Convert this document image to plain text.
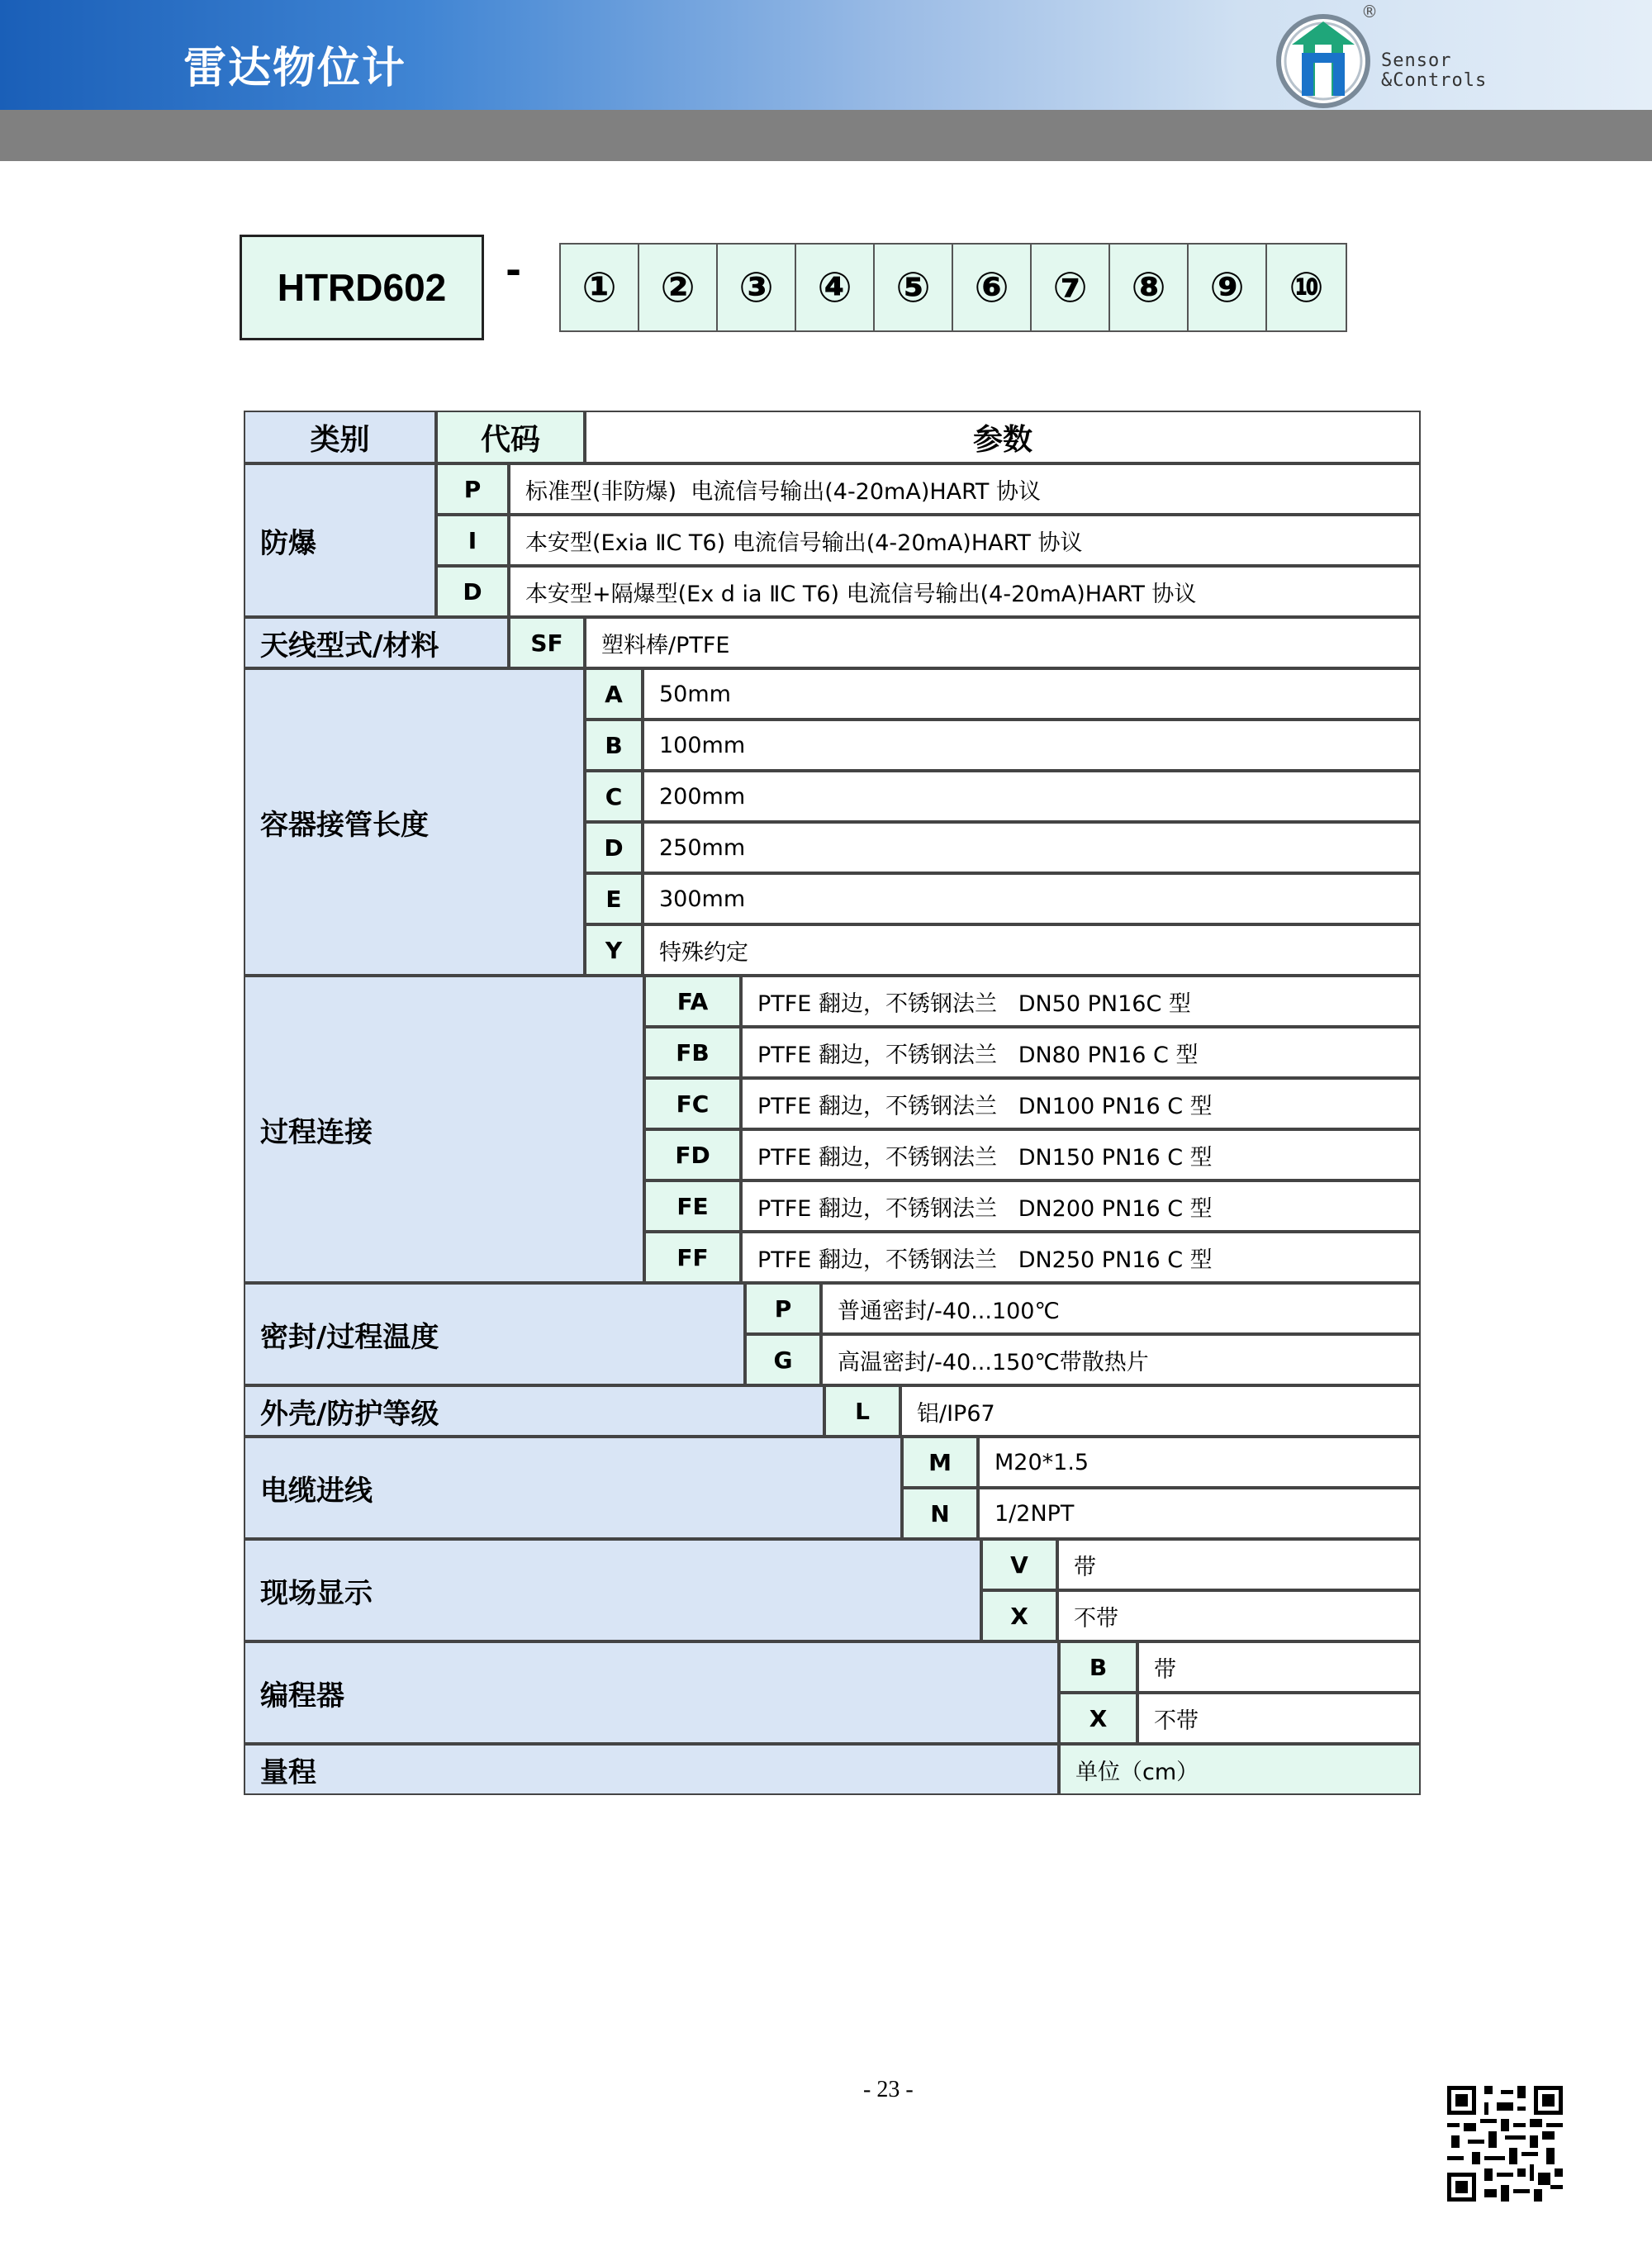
雷达物位计
®
Sensor
&Controls
HTRD602	-	①	②	③	④	⑤	⑥	⑦	⑧	⑨	⑩
类别	代码	参数
防爆
P	标准型(非防爆)  电流信号输出(4-20mA)HART 协议
I	本安型(Exia ⅡC T6) 电流信号输出(4-20mA)HART 协议
D	本安型+隔爆型(Ex d ia ⅡC T6) 电流信号输出(4-20mA)HART 协议
天线型式/材料	SF	塑料棒/PTFE
容器接管长度
A	50mm
B	100mm
C	200mm
D	250mm
E	300mm
Y	特殊约定
过程连接
FA	PTFE 翻边，不锈钢法兰   DN50 PN16C 型
FB	PTFE 翻边，不锈钢法兰   DN80 PN16 C 型
FC	PTFE 翻边，不锈钢法兰   DN100 PN16 C 型
FD	PTFE 翻边，不锈钢法兰   DN150 PN16 C 型
FE	PTFE 翻边，不锈钢法兰   DN200 PN16 C 型
FF	PTFE 翻边，不锈钢法兰   DN250 PN16 C 型
密封/过程温度
P	普通密封/-40...100℃
G	高温密封/-40...150℃带散热片
外壳/防护等级	L	铝/IP67
电缆进线
M	M20*1.5
N	1/2NPT
现场显示
V	带
X	不带
编程器
B	带
X	不带
量程	单位（cm）
- 23 -
